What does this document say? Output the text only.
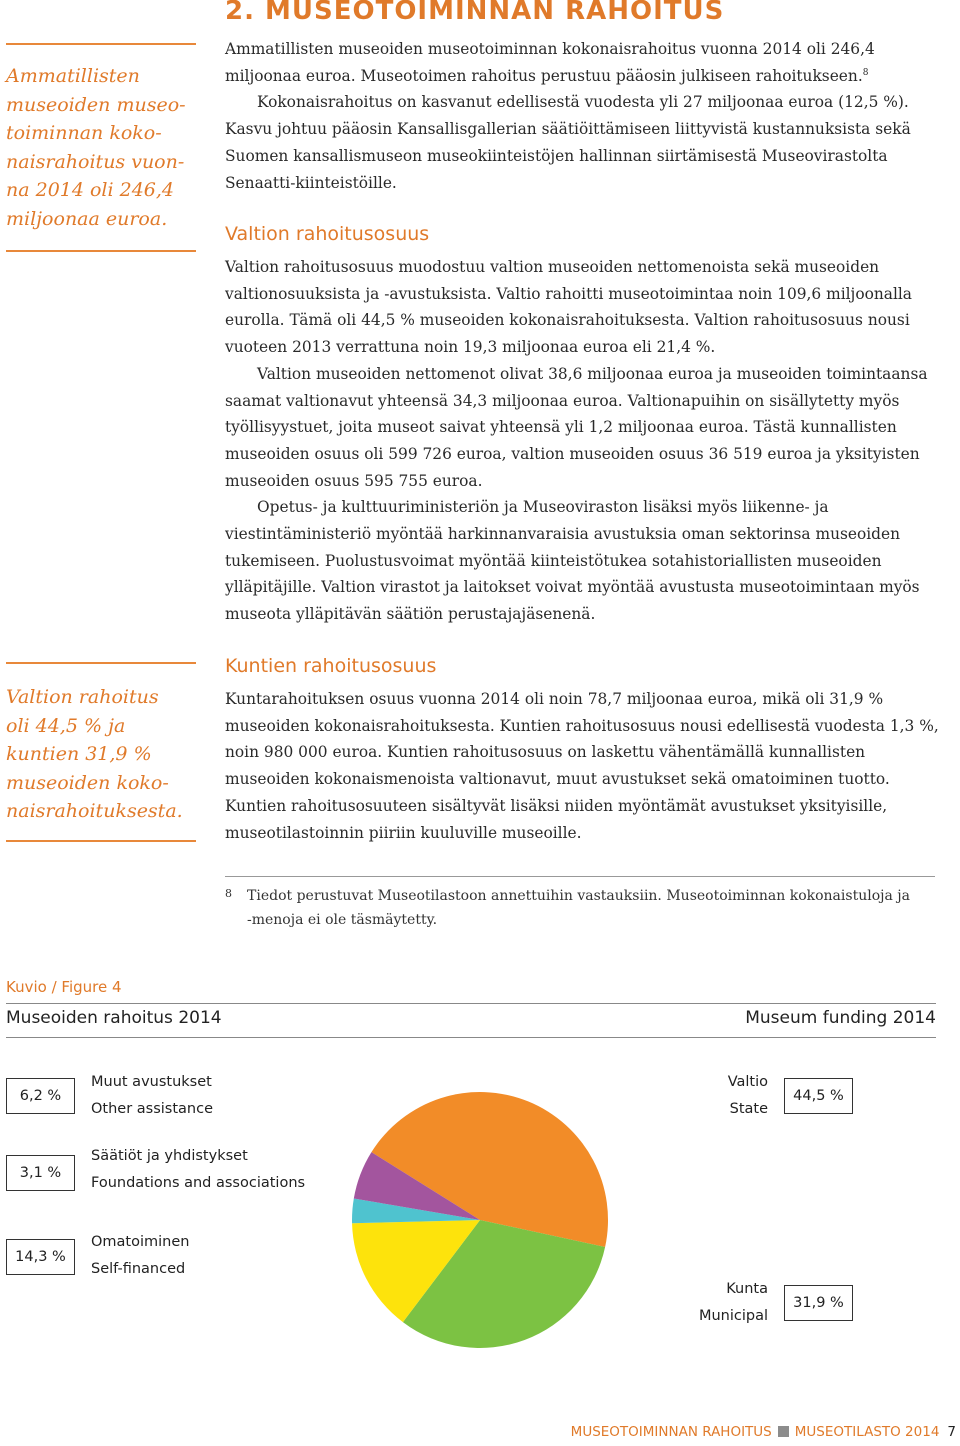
Ammatillisten
museoiden museo-
toiminnan koko-
naisrahoitus vuon-
na 2014 oli 246,4
miljoonaa euroa.
Valtion rahoitus
oli 44,5 % ja
kuntien 31,9 %
museoiden koko-
naisrahoituksesta.
2. MUSEOTOIMINNAN RAHOITUS

Ammatillisten museoiden museotoiminnan kokonaisrahoitus vuonna 2014 oli 246,4 miljoonaa euroa. Museotoimen rahoitus perustuu pääosin julkiseen rahoitukseen.$^8$

Kokonaisrahoitus on kasvanut edellisestä vuodesta yli 27 miljoonaa euroa (12,5 %). Kasvu johtuu pääosin Kansallisgallerian säätiöittämiseen liittyvistä kustannuksista sekä Suomen kansallismuseon museokiinteistöjen hallinnan siirtämisestä Museovirastolta Senaatti-kiinteistöille.

Valtion rahoitusosuus

Valtion rahoitusosuus muodostuu valtion museoiden nettomenoista sekä museoiden valtionosuuksista ja -avustuksista. Valtio rahoitti museotoimintaa noin 109,6 miljoonalla eurolla. Tämä oli 44,5 % museoiden kokonaisrahoituksesta. Valtion rahoitusosuus nousi vuoteen 2013 verrattuna noin 19,3 miljoonaa euroa eli 21,4 %.

Valtion museoiden nettomenot olivat 38,6 miljoonaa euroa ja museoiden toimintaansa saamat valtionavut yhteensä 34,3 miljoonaa euroa. Valtionapuihin on sisällytetty myös työllisyystuet, joita museot saivat yhteensä yli 1,2 miljoonaa euroa. Tästä kunnallisten museoiden osuus oli 599 726 euroa, valtion museoiden osuus 36 519 euroa ja yksityisten museoiden osuus 595 755 euroa.

Opetus- ja kulttuuriministeriön ja Museoviraston lisäksi myös liikenne- ja viestintäministeriö myöntää harkinnanvaraisia avustuksia oman sektorinsa museoiden tukemiseen. Puolustusvoimat myöntää kiinteistötukea sotahistoriallisten museoiden ylläpitäjille. Valtion virastot ja laitokset voivat myöntää avustusta museotoimintaan myös museota ylläpitävän säätiön perustajajäsenenä.

Kuntien rahoitusosuus

Kuntarahoituksen osuus vuonna 2014 oli noin 78,7 miljoonaa euroa, mikä oli 31,9 % museoiden kokonaisrahoituksesta. Kuntien rahoitusosuus nousi edellisestä vuodesta 1,3 %, noin 980 000 euroa. Kuntien rahoitusosuus on laskettu vähentämällä kunnallisten museoiden kokonaismenoista valtionavut, muut avustukset sekä omatoiminen tuotto. Kuntien rahoitusosuuteen sisältyvät lisäksi niiden myöntämät avustukset yksityisille, museotilastoinnin piiriin kuuluville museoille.

8 Tiedot perustuvat Museotilastoon annettuihin vastauksiin. Museotoiminnan kokonaistuloja ja
-menoja ei ole täsmäytetty.
Kuvio / Figure 4
Museoiden rahoitus 2014	Museum funding 2014
6,2 %
Muut avustukset
Other assistance
3,1 %
Säätiöt ja yhdistykset
Foundations and associations
14,3 %
Omatoiminen
Self-financed
Valtio
State
44,5 %
Kunta
Municipal
31,9 %
MUSEOTOIMINNAN RAHOITUS MUSEOTILASTO 2014 7
